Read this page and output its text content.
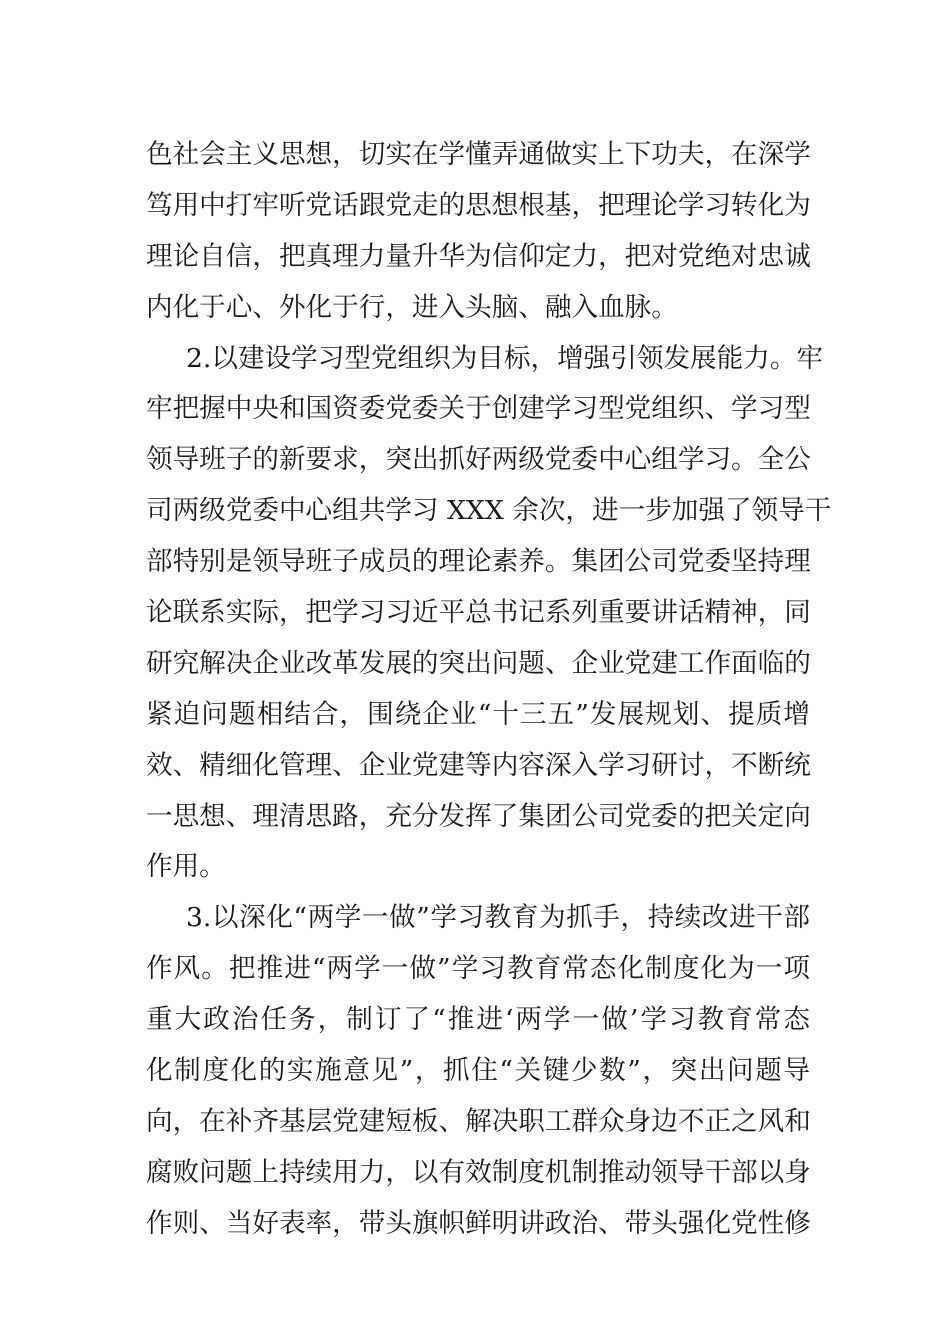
色社会主义思想，切实在学懂弄通做实上下功夫，在深学
笃用中打牢听党话跟党走的思想根基，把理论学习转化为
理论自信，把真理力量升华为信仰定力，把对党绝对忠诚
内化于心、外化于行，进入头脑、融入血脉。
2.以建设学习型党组织为目标，增强引领发展能力。牢
牢把握中央和国资委党委关于创建学习型党组织、学习型
领导班子的新要求，突出抓好两级党委中心组学习。全公
司两级党委中心组共学习 XXX 余次，进一步加强了领导干
部特别是领导班子成员的理论素养。集团公司党委坚持理
论联系实际，把学习习近平总书记系列重要讲话精神，同
研究解决企业改革发展的突出问题、企业党建工作面临的
紧迫问题相结合，围绕企业“十三五”发展规划、提质增
效、精细化管理、企业党建等内容深入学习研讨，不断统
一思想、理清思路，充分发挥了集团公司党委的把关定向
作用。
3.以深化“两学一做”学习教育为抓手，持续改进干部
作风。把推进“两学一做”学习教育常态化制度化为一项
重大政治任务，制订了“推进‘两学一做’学习教育常态
化制度化的实施意见”，抓住“关键少数”，突出问题导
向，在补齐基层党建短板、解决职工群众身边不正之风和
腐败问题上持续用力，以有效制度机制推动领导干部以身
作则、当好表率，带头旗帜鲜明讲政治、带头强化党性修
